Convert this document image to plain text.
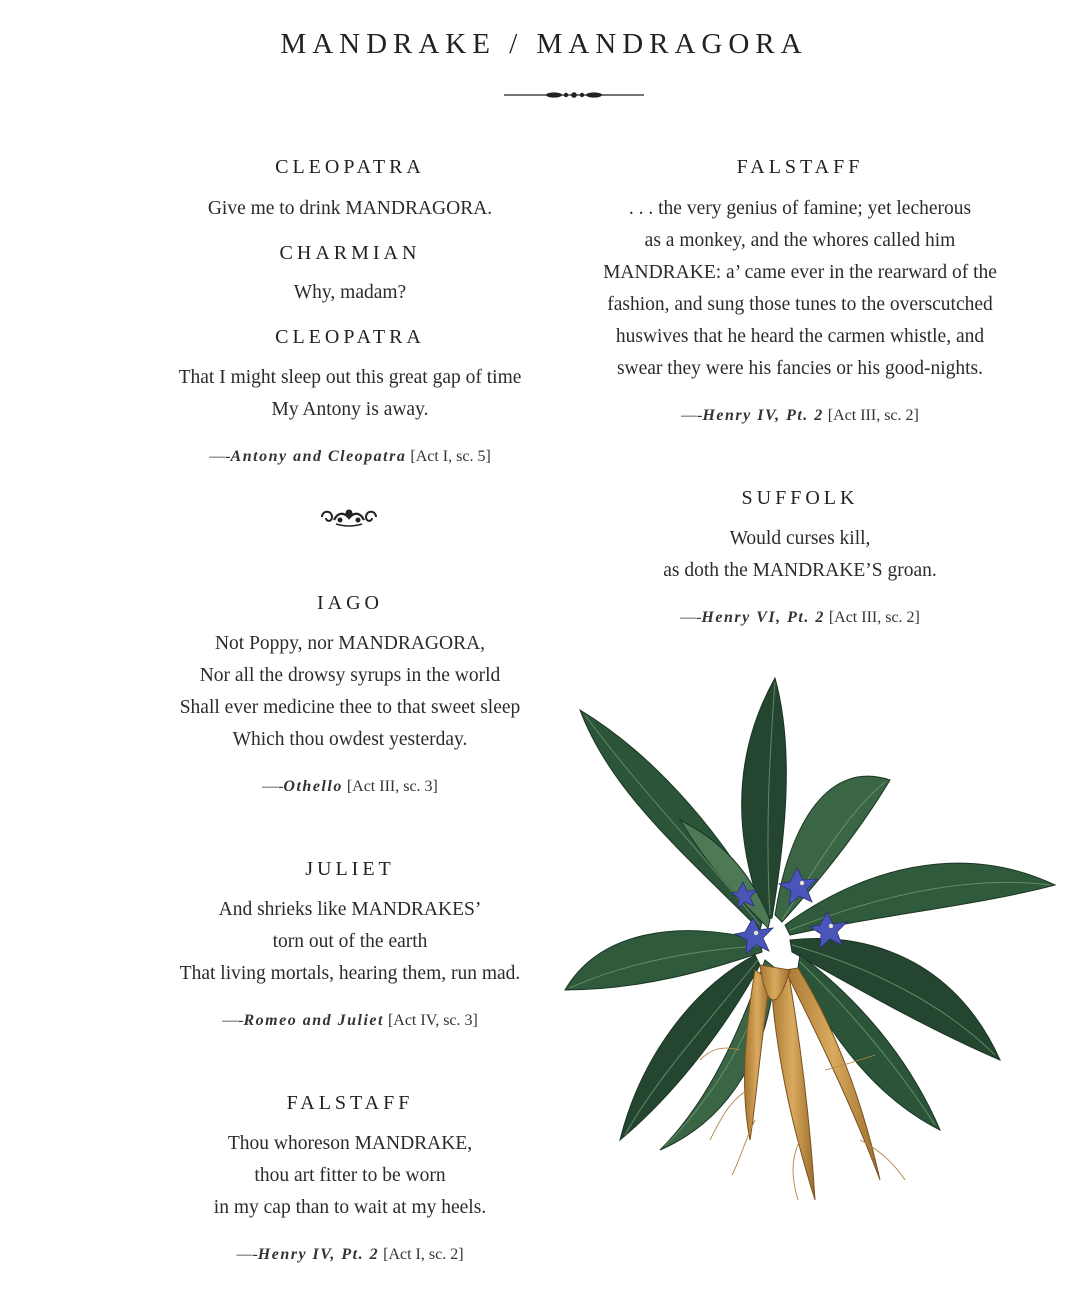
MANDRAKE / MANDRAGORA
CLEOPATRA
Give me to drink MANDRAGORA.
CHARMIAN
Why, madam?
CLEOPATRA
That I might sleep out this great gap of time
My Antony is away.
—-Antony and Cleopatra [Act I, sc. 5]
IAGO
Not Poppy, nor MANDRAGORA,
Nor all the drowsy syrups in the world
Shall ever medicine thee to that sweet sleep
Which thou owdest yesterday.
—-Othello [Act III, sc. 3]
JULIET
And shrieks like MANDRAKES’
torn out of the earth
That living mortals, hearing them, run mad.
—-Romeo and Juliet [Act IV, sc. 3]
FALSTAFF
Thou whoreson MANDRAKE,
thou art fitter to be worn
in my cap than to wait at my heels.
—-Henry IV, Pt. 2 [Act I, sc. 2]
FALSTAFF
. . . the very genius of famine; yet lecherous
as a monkey, and the whores called him
MANDRAKE: a’ came ever in the rearward of the
fashion, and sung those tunes to the overscutched
huswives that he heard the carmen whistle, and
swear they were his fancies or his good-nights.
—-Henry IV, Pt. 2 [Act III, sc. 2]
SUFFOLK
Would curses kill,
as doth the MANDRAKE’S groan.
—-Henry VI, Pt. 2 [Act III, sc. 2]
